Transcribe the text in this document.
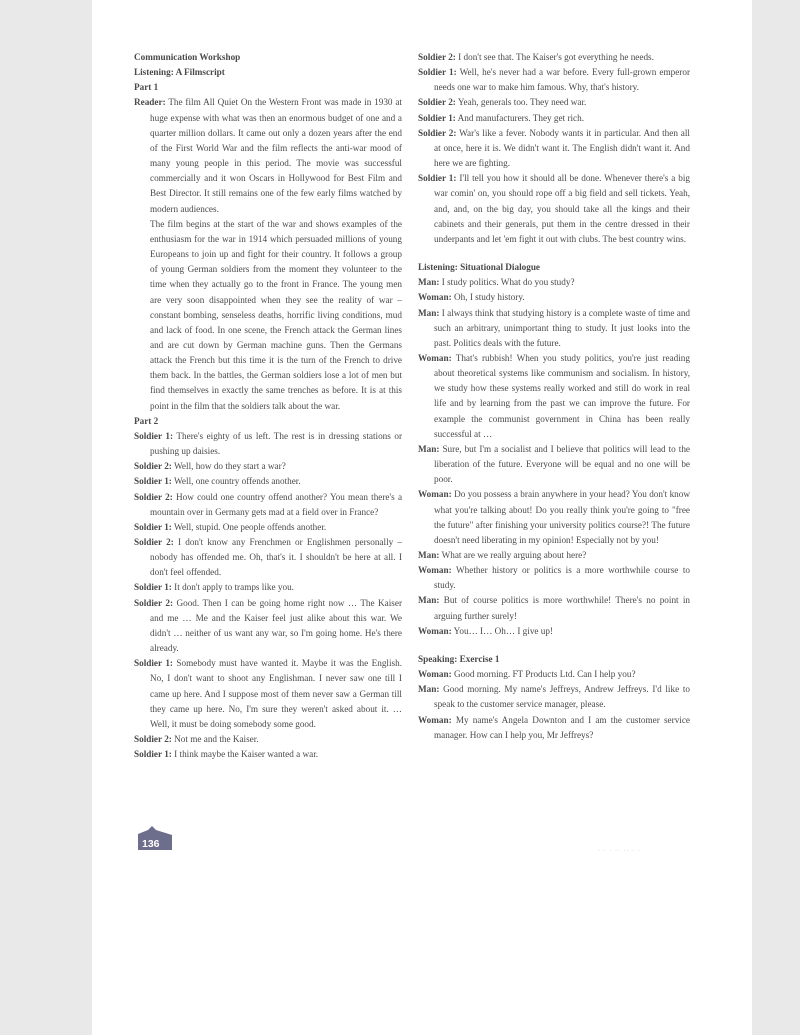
Communication Workshop

Listening: A Filmscript

Part 1

Reader: The film All Quiet On the Western Front was made in 1930 at huge expense with what was then an enormous budget of one and a quarter million dollars. It came out only a dozen years after the end of the First World War and the film reflects the anti-war mood of many young people in this period. The movie was successful commercially and it won Oscars in Hollywood for Best Film and Best Director. It still remains one of the few early films watched by modern audiences.

The film begins at the start of the war and shows examples of the enthusiasm for the war in 1914 which persuaded millions of young Europeans to join up and fight for their country. It follows a group of young German soldiers from the moment they volunteer to the time when they actually go to the front in France. The young men are very soon disappointed when they see the reality of war – constant bombing, senseless deaths, horrific living conditions, mud and lack of food. In one scene, the French attack the German lines and are cut down by German machine guns. Then the Germans attack the French but this time it is the turn of the French to drive them back. In the battles, the German soldiers lose a lot of men but find themselves in exactly the same trenches as before. It is at this point in the film that the soldiers talk about the war.

Part 2

Soldier 1: There's eighty of us left. The rest is in dressing stations or pushing up daisies.

Soldier 2: Well, how do they start a war?

Soldier 1: Well, one country offends another.

Soldier 2: How could one country offend another? You mean there's a mountain over in Germany gets mad at a field over in France?

Soldier 1: Well, stupid. One people offends another.

Soldier 2: I don't know any Frenchmen or Englishmen personally – nobody has offended me. Oh, that's it. I shouldn't be here at all. I don't feel offended.

Soldier 1: It don't apply to tramps like you.

Soldier 2: Good. Then I can be going home right now … The Kaiser and me … Me and the Kaiser feel just alike about this war. We didn't … neither of us want any war, so I'm going home. He's there already.

Soldier 1: Somebody must have wanted it. Maybe it was the English. No, I don't want to shoot any Englishman. I never saw one till I came up here. And I suppose most of them never saw a German till they came up here. No, I'm sure they weren't asked about it. … Well, it must be doing somebody some good.

Soldier 2: Not me and the Kaiser.

Soldier 1: I think maybe the Kaiser wanted a war.

Soldier 2: I don't see that. The Kaiser's got everything he needs.

Soldier 1: Well, he's never had a war before. Every full-grown emperor needs one war to make him famous. Why, that's history.

Soldier 2: Yeah, generals too. They need war.

Soldier 1: And manufacturers. They get rich.

Soldier 2: War's like a fever. Nobody wants it in particular. And then all at once, here it is. We didn't want it. The English didn't want it. And here we are fighting.

Soldier 1: I'll tell you how it should all be done. Whenever there's a big war comin' on, you should rope off a big field and sell tickets. Yeah, and, and, on the big day, you should take all the kings and their cabinets and their generals, put them in the centre dressed in their underpants and let 'em fight it out with clubs. The best country wins.

Listening: Situational Dialogue

Man: I study politics. What do you study?

Woman: Oh, I study history.

Man: I always think that studying history is a complete waste of time and such an arbitrary, unimportant thing to study. It just looks into the past. Politics deals with the future.

Woman: That's rubbish! When you study politics, you're just reading about theoretical systems like communism and socialism. In history, we study how these systems really worked and still do work in real life and by learning from the past we can improve the future. For example the communist government in China has been really successful at …

Man: Sure, but I'm a socialist and I believe that politics will lead to the liberation of the future. Everyone will be equal and no one will be poor.

Woman: Do you possess a brain anywhere in your head? You don't know what you're talking about! Do you really think you're going to "free the future" after finishing your university politics course?! The future doesn't need liberating in my opinion! Especially not by you!

Man: What are we really arguing about here?

Woman: Whether history or politics is a more worthwhile course to study.

Man: But of course politics is more worthwhile! There's no point in arguing further surely!

Woman: You… I… Oh… I give up!

Speaking: Exercise 1

Woman: Good morning. FT Products Ltd. Can I help you?

Man: Good morning. My name's Jeffreys, Andrew Jeffreys. I'd like to speak to the customer service manager, please.

Woman: My name's Angela Downton and I am the customer service manager. How can I help you, Mr Jeffreys?

136
· · · ·· ·· · ·
